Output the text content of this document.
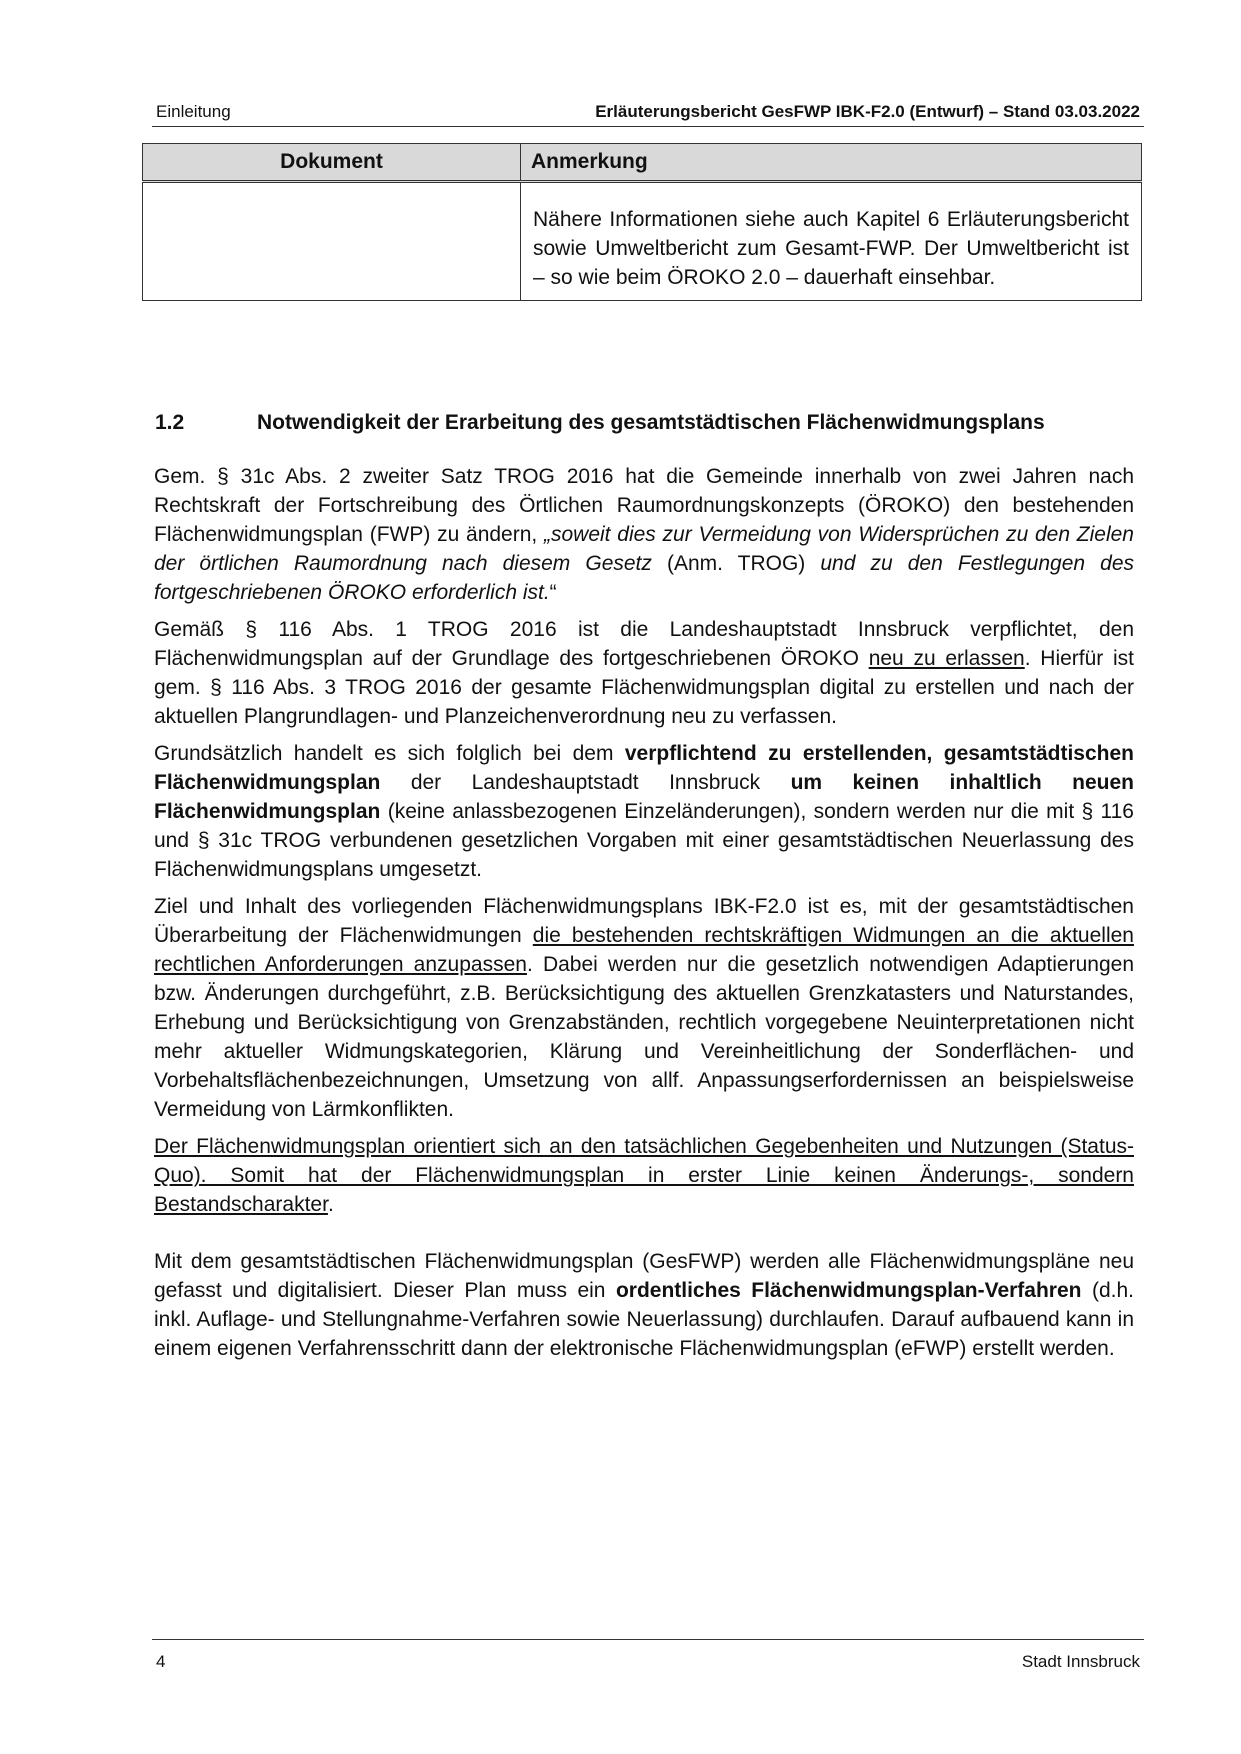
Einleitung	Erläuterungsbericht GesFWP IBK-F2.0 (Entwurf) – Stand 03.03.2022
Dokument	Anmerkung
	Nähere Informationen siehe auch Kapitel 6 Erläuterungsbericht sowie Umweltbericht zum Gesamt-FWP. Der Umweltbericht ist – so wie beim ÖROKO 2.0 – dauerhaft einsehbar.
1.2	Notwendigkeit der Erarbeitung des gesamtstädtischen Flächenwidmungsplans

Gem. § 31c Abs. 2 zweiter Satz TROG 2016 hat die Gemeinde innerhalb von zwei Jahren nach Rechtskraft der Fortschreibung des Örtlichen Raumordnungskonzepts (ÖROKO) den bestehenden Flächenwidmungsplan (FWP) zu ändern, „soweit dies zur Vermeidung von Widersprüchen zu den Zielen der örtlichen Raumordnung nach diesem Gesetz (Anm. TROG) und zu den Festlegungen des fortgeschriebenen ÖROKO erforderlich ist.“

Gemäß § 116 Abs. 1 TROG 2016 ist die Landeshauptstadt Innsbruck verpflichtet, den Flächenwidmungsplan auf der Grundlage des fortgeschriebenen ÖROKO neu zu erlassen. Hierfür ist gem. § 116 Abs. 3 TROG 2016 der gesamte Flächenwidmungsplan digital zu erstellen und nach der aktuellen Plangrundlagen- und Planzeichenverordnung neu zu verfassen.

Grundsätzlich handelt es sich folglich bei dem verpflichtend zu erstellenden, gesamtstädtischen Flächenwidmungsplan der Landeshauptstadt Innsbruck um keinen inhaltlich neuen Flächenwidmungsplan (keine anlassbezogenen Einzeländerungen), sondern werden nur die mit § 116 und § 31c TROG verbundenen gesetzlichen Vorgaben mit einer gesamtstädtischen Neuerlassung des Flächenwidmungsplans umgesetzt.

Ziel und Inhalt des vorliegenden Flächenwidmungsplans IBK-F2.0 ist es, mit der gesamtstädtischen Überarbeitung der Flächenwidmungen die bestehenden rechtskräftigen Widmungen an die aktuellen rechtlichen Anforderungen anzupassen. Dabei werden nur die gesetzlich notwendigen Adaptierungen bzw. Änderungen durchgeführt, z.B. Berücksichtigung des aktuellen Grenzkatasters und Naturstandes, Erhebung und Berücksichtigung von Grenzabständen, rechtlich vorgegebene Neuinterpretationen nicht mehr aktueller Widmungskategorien, Klärung und Vereinheitlichung der Sonderflächen- und Vorbehaltsflächenbezeichnungen, Umsetzung von allf. Anpassungserfordernissen an beispielsweise Vermeidung von Lärmkonflikten.

Der Flächenwidmungsplan orientiert sich an den tatsächlichen Gegebenheiten und Nutzungen (Status-Quo). Somit hat der Flächenwidmungsplan in erster Linie keinen Änderungs-, sondern Bestandscharakter.

Mit dem gesamtstädtischen Flächenwidmungsplan (GesFWP) werden alle Flächenwidmungspläne neu gefasst und digitalisiert. Dieser Plan muss ein ordentliches Flächenwidmungsplan-Verfahren (d.h. inkl. Auflage- und Stellungnahme-Verfahren sowie Neuerlassung) durchlaufen. Darauf aufbauend kann in einem eigenen Verfahrensschritt dann der elektronische Flächenwidmungsplan (eFWP) erstellt werden.

4	Stadt Innsbruck
